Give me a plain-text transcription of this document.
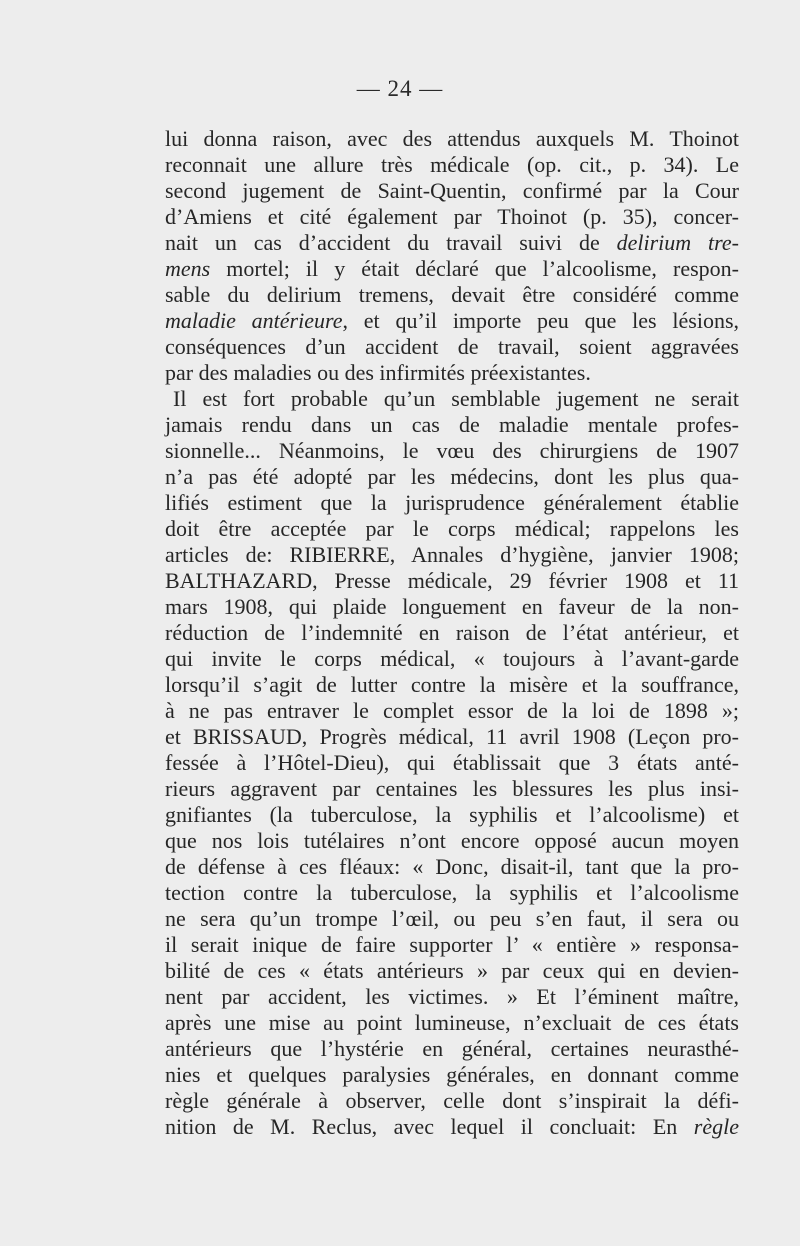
— 24 —
lui donna raison, avec des attendus auxquels M. Thoinot
reconnait une allure très médicale (op. cit., p. 34). Le
second jugement de Saint-Quentin, confirmé par la Cour
d’Amiens et cité également par Thoinot (p. 35), concer-
nait un cas d’accident du travail suivi de delirium tre-
mens mortel; il y était déclaré que l’alcoolisme, respon-
sable du delirium tremens, devait être considéré comme
maladie antérieure, et qu’il importe peu que les lésions,
conséquences d’un accident de travail, soient aggravées
par des maladies ou des infirmités préexistantes.
Il est fort probable qu’un semblable jugement ne serait
jamais rendu dans un cas de maladie mentale profes-
sionnelle... Néanmoins, le vœu des chirurgiens de 1907
n’a pas été adopté par les médecins, dont les plus qua-
lifiés estiment que la jurisprudence généralement établie
doit être acceptée par le corps médical; rappelons les
articles de: RIBIERRE, Annales d’hygiène, janvier 1908;
BALTHAZARD, Presse médicale, 29 février 1908 et 11
mars 1908, qui plaide longuement en faveur de la non-
réduction de l’indemnité en raison de l’état antérieur, et
qui invite le corps médical, « toujours à l’avant-garde
lorsqu’il s’agit de lutter contre la misère et la souffrance,
à ne pas entraver le complet essor de la loi de 1898 »;
et BRISSAUD, Progrès médical, 11 avril 1908 (Leçon pro-
fessée à l’Hôtel-Dieu), qui établissait que 3 états anté-
rieurs aggravent par centaines les blessures les plus insi-
gnifiantes (la tuberculose, la syphilis et l’alcoolisme) et
que nos lois tutélaires n’ont encore opposé aucun moyen
de défense à ces fléaux: « Donc, disait-il, tant que la pro-
tection contre la tuberculose, la syphilis et l’alcoolisme
ne sera qu’un trompe l’œil, ou peu s’en faut, il sera ou
il serait inique de faire supporter l’ « entière » responsa-
bilité de ces « états antérieurs » par ceux qui en devien-
nent par accident, les victimes. » Et l’éminent maître,
après une mise au point lumineuse, n’excluait de ces états
antérieurs que l’hystérie en général, certaines neurasthé-
nies et quelques paralysies générales, en donnant comme
règle générale à observer, celle dont s’inspirait la défi-
nition de M. Reclus, avec lequel il concluait: En règle
